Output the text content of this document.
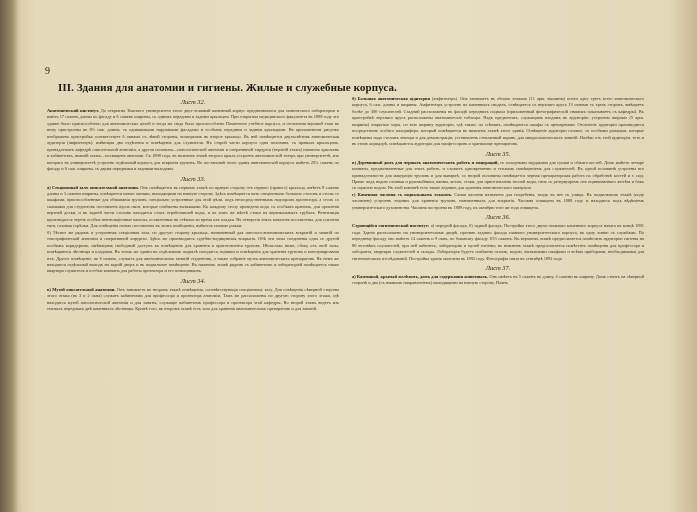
9
III. Здания для анатомии и гигиены. Жилые и служебные корпуса.
Лист 32.
Анатомический институт. До открытия Томского университета этого двух-этажный каменный корпус предназначался для химического лаборатории и имёлъ 17 сажень длины по фасаду и 6 сажень ширины, съ однимъ передним и задним крыльцом. При открытии медицинского факультета въ 1888 году это здание было приспособлено для анатомических целей и тогда же сюда было приспособлено Помпечное учебное корпуса, и отопления верхний этаж въ нему пристроены въ 8½ саж. длины, съ одинаковыми наружными фасадами и особымъ передним и задним крыльцами. На приложенном рисункъ изображено пристройка соответствует 6 окнамъ съ лѣвой стороны, вошедшихъ въ второе крыльцо. Въ ней помѣщается двухъсвѣтная анатомическая аудиторія (амфитеатръ), имѣющая два отдѣленія и помѣщенія для служителя. Въ старой части корпуса одна половина, съ правыхъ крыльцомъ, принадлежитъ кафедрѣ описательной анатоміи, а другая половина—патологической анатоміи и оперативной хирургіи (верхній этажъ) нижнихъ крыльевъ и кабинетомъ, нижній этажъ—посвященъ анатоміи. Съ 1898 года, въ нижнемъ этажѣ второго крыла устроенъ анатомическій театръ при университетѣ, изъ котораго въ университетѣ устроенъ отдѣльный корпусъ для вскрытія труповъ. Въ постановкѣ этого зданія анатомическій корпусъ имѣетъ 25½ сажень по фасаду и 6 саж. ширины, съ двумя передними и задними выходами.
Лист 33.
а) Секционный залъ описательной анатомии. Онъ помѣщается въ первомъ этажѣ по правую сторону отъ перваго (правого) крыльца, имѣетъ 8 сажень длины и 3 сажени ширины, освѣщается пятью окнами, выходящими на южную сторону. Здѣсь помѣщается пять секціонныхъ больших столовъ и столы со шкафами, приспособленные для обмыванія труповъ, спеціально устроенные для этой цѣли, подъ непосредственнымъ надзоромъ прозектора, а столъ со скамьями для студентовъ поставленъ вдоль окон, которые снабжены вытяжками. Къ каждому столу проведена вода, съ особымъ краномъ, для орошенія верхней доски, и въ задней части столовъ находится стокъ отработавшей воды, и въ томъ же мѣстѣ стоки на вертикальныхъ трубахъ. Вентиляція производится черезъ особые вентиляціонные каналы, оставленные въ стѣнахъ во время ихъ кладки. Въ отверстія этихъ каналовъ поставлены, для усиленія тяги, газовыя горѣлки. Для освѣщенія ночью поставлены въ этомъ помѣщеніи, имѣются газовые рожки.
б) Тѣсное же рядомъ и устроенная секціонная зала, по другую сторону крыльца, назначенный для патолого-анатомическихъ вскрытій и занятій по топографической анатоміи и оперативной хирургіи. Здѣсь же производятся судебно-медицинскія вскрытія. Обѣ эти залы соединены одна съ другой особымъ коридоромъ, имѣющимъ свободный доступъ къ помѣщенію для храненія и приготовленія труповъ. Нѣсколько ниже, сбоку отъ этой залы, помѣщаются лѣстница и кладовая. Въ этомъ же зданіи въ отдѣльномъ подвалѣ находятся ледники и помѣщенія для храненія труповъ и консервированія ихъ. Другое помѣщеніе, въ 6 окнахъ, служитъ для анатомическихъ занятій студентовъ, а также собраніе музея анатомическихъ препаратовъ. Въ немъ же находится отдѣльный выходъ на задній дворъ и въ подвальное помѣщеніе. Въ нижнемъ этажѣ рядомъ съ кабинетомъ и лабораторіей помѣщается также квартира служителя и особые комнаты для работы прозектора и его помощниковъ.
Лист 34.
в) Музей описательной анатомии. Онъ занимаетъ во второмъ этажѣ помѣщенія, соотвѣтствующія секціонному залу. Для освѣщенія сѣверной стороны этого этажа (въ 3 и 2 окна) служатъ кабинетами для профессора и прозектора анатоміи. Тамъ же расположены по другую сторону этого этажа, гдѣ находятся музей патологической анатоміи и для занятія, служащіе кабинетомъ профессора и прозектора этой кафедры. Во второй этажъ ведетъ изъ теплыхъ передныхъ двѣ каменныхъ лѣстницы. Кромѣ того, въ второмъ этажѣ есть зала для храненія анатомическихъ препаратовъ и для занятій.
б) Большая анатомическая аудитория (амфитеатръ). Она занимаетъ въ обоихъ этажахъ (11 арш. вышины) почти одну треть всего анатомического корпуса, 6 саж. длины и ширины. Амфитеатръ устроенъ на каменныхъ сводахъ, освѣщается съ верхняго яруса 13 окнами съ трехъ сторонъ, вмѣщаетъ болѣе до 300 слушателей. Сзадний расположены въ фасадѣ переднихъ подвала (приложенный фотографическій снимокъ показываетъ съ кафедры). Въ пристройкѣ верхняго яруса расположены анатомическіе таблицы. Надъ предметомъ, служащимъ входомъ въ аудиторію, устроены широкіе (5 арш. ширины) открытые хоры, по всю ширину аудиторіи, гдѣ также, по стѣнамъ, помѣщаются шкафы съ препаратами. Отопленіе аудиторіи производится посредствомъ особаго калорифера, который помѣщается въ нижнемъ этажѣ этого зданія. Освѣщеніе аудиторіи газовое, съ особыми рожками, которые помѣщены надъ столомъ лектора и для демонстраціи; установленъ стеклянный экранъ, для микроскопическихъ занятій. Налѣво отъ этой аудиторіи, тотъ и въ этомъ коридорѣ, помѣщаются аудиторіи для профессоровъ и хранилище препаратовъ.
Лист 35.
в) Деревянный домъ для черныхъ анатомическихъ работъ и мацераций, съ холодными чердаками для сушки и обжига костей. Домъ имѣетъ четыре комнаты, предназначенные для этихъ работъ, и служитъ одновременно и теплымъ помѣщеніемъ для служителей. Въ одной половинѣ устроены все принадлежности для мацераціи труповъ и для вываркѣ, со второй половины помѣщается черная препараторская работа по обработкѣ костей и т. под. Прямо подъ водою сливная и рукомойники, ванны, котлы, стоки, для приготовленія теплой воды, печь съ резервуаромъ изъ оцинкованнаго желѣза и бакъ съ горячею водою. Въ этой комнатѣ есть также ледникъ для храненія анатомическаго матеріала.
г) Каменная часовня съ подвальнымъ этажомъ. Самая часовня назначена для погребенія, входъ въ нее съ улицы. Въ подвальномъ этажѣ (подъ часовнею) устроенъ ледникъ для храненія труповъ, назначенныхъ для вскрытія. Часовня освящена въ 1888 году и находится подъ вѣдѣніемъ университетскаго духовенства. Часовня построена въ 1889 году, къ октябрю того же года освящена.
Лист 36.
Строющійся гигиенический институт: а) передній фасадъ, б) задний фасадъ. Постройка этого двухъ-этажнаго каменнаго корпуса начата въ концѣ 1891 года. Зданіе расположено на университетскомъ дворѣ, противъ задняго фасада главнаго университетскаго корпуса, въ одну линію съ службами. По переднему фасаду оно имѣетъ 14 саженъ и 9 окнъ, по боковому фасаду 10½ саженъ. Въ верхнемъ этажѣ предполагается помѣстить аудиторію гигіены на 80 человѣкъ слушателей, при ней кабинетъ, лабораторію и музей гигіены; въ нижнемъ этажѣ предполагается помѣстить помѣщенія для профессора и лаборанта, квартиры служителей и склады. Лабораторія будетъ снабжена газомъ, водою, вытяжными шкафами и всѣми приборами, необходимыми для гигіеническихъ изслѣдованій. Постройка зданія окончена въ 1892 году. Фотографія снята въ сентябрѣ 1892 года.
Лист 37.
а) Каменный, крытый желѣзомъ, домъ для содержания животныхъ. Онъ имѣетъ въ 5 саженъ въ длину, 4 сажени въ ширину. Домъ стоитъ на сѣверной сторонѣ и два (съ южнымъ направленіемъ) выходящими на южную сторону. Планъ
